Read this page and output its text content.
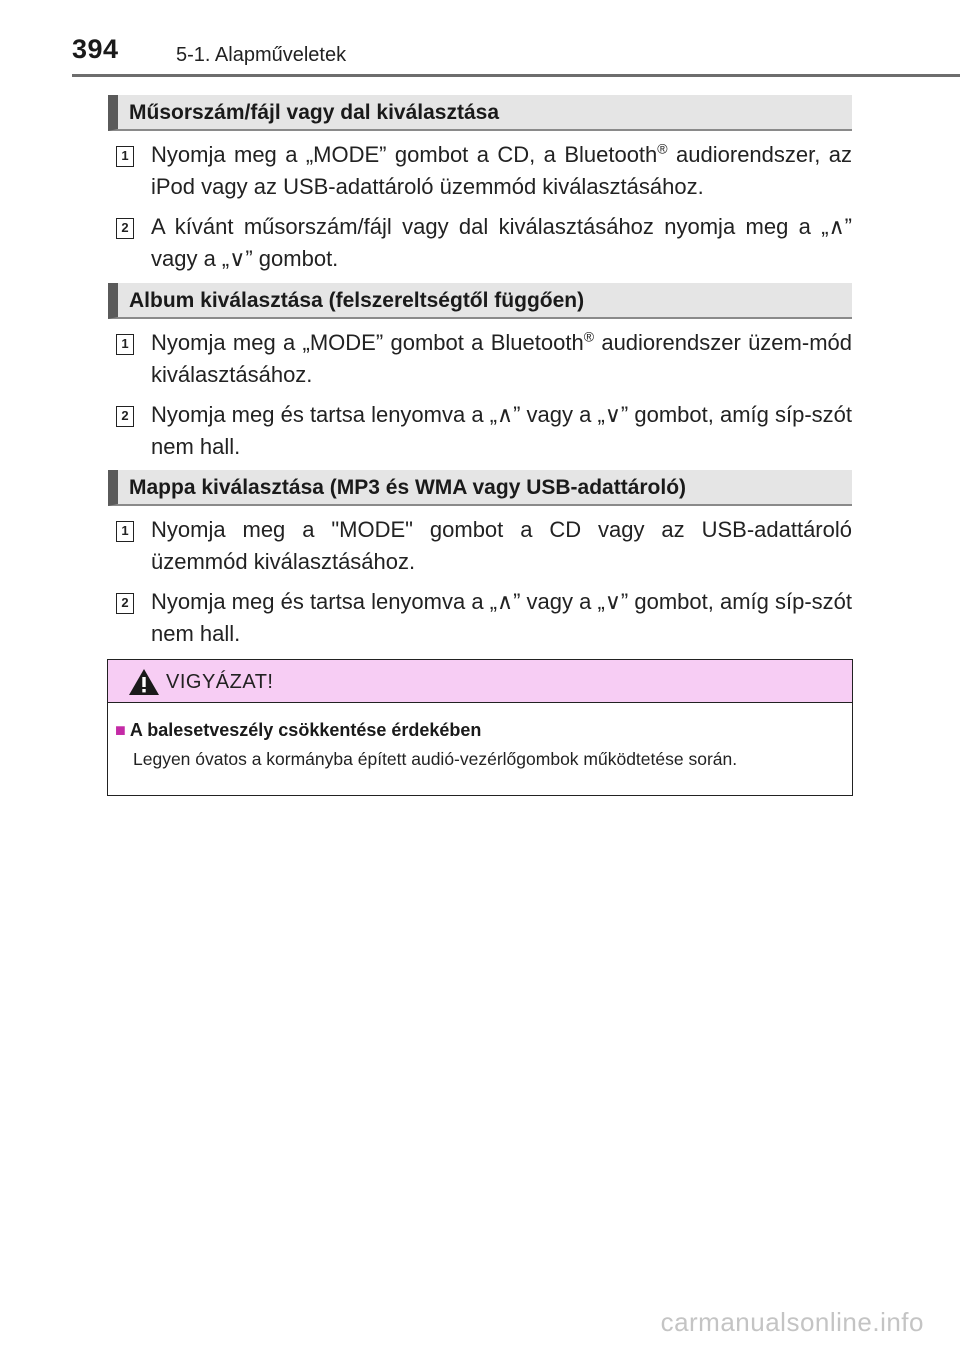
394	5-1. Alapműveletek
Műsorszám/fájl vagy dal kiválasztása
1 Nyomja meg a „MODE” gombot a CD, a Bluetooth® audiorendszer, az iPod vagy az USB-adattároló üzemmód kiválasztásához.
2 A kívánt műsorszám/fájl vagy dal kiválasztásához nyomja meg a „∧” vagy a „∨” gombot.
Album kiválasztása (felszereltségtől függően)
1 Nyomja meg a „MODE” gombot a Bluetooth® audiorendszer üzem-mód kiválasztásához.
2 Nyomja meg és tartsa lenyomva a „∧” vagy a „∨” gombot, amíg síp-szót nem hall.
Mappa kiválasztása (MP3 és WMA vagy USB-adattároló)
1 Nyomja meg a "MODE" gombot a CD vagy az USB-adattároló üzemmód kiválasztásához.
2 Nyomja meg és tartsa lenyomva a „∧” vagy a „∨” gombot, amíg síp-szót nem hall.
VIGYÁZAT!
■ A balesetveszély csökkentése érdekében
Legyen óvatos a kormányba épített audió-vezérlőgombok működtetése során.
carmanualsonline.info
